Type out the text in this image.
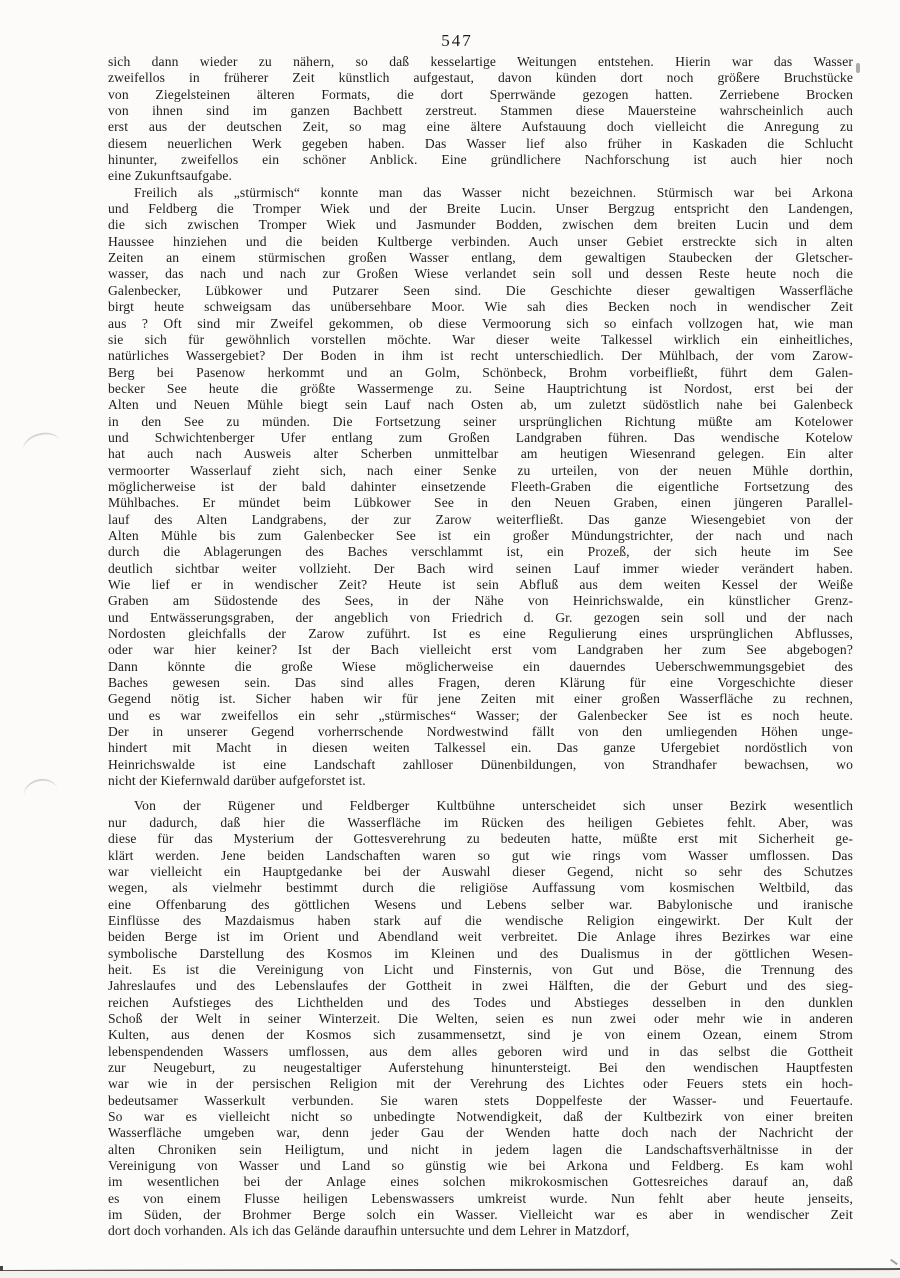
547
sich dann wieder zu nähern, so daß kesselartige Weitungen entstehen. Hierin war das Wasser
zweifellos in früherer Zeit künstlich aufgestaut, davon künden dort noch größere Bruchstücke
von Ziegelsteinen älteren Formats, die dort Sperrwände gezogen hatten. Zerriebene Brocken
von ihnen sind im ganzen Bachbett zerstreut. Stammen diese Mauersteine wahrscheinlich auch
erst aus der deutschen Zeit, so mag eine ältere Aufstauung doch vielleicht die Anregung zu
diesem neuerlichen Werk gegeben haben. Das Wasser lief also früher in Kaskaden die Schlucht
hinunter, zweifellos ein schöner Anblick. Eine gründlichere Nachforschung ist auch hier noch
eine Zukunftsaufgabe.
Freilich als „stürmisch“ konnte man das Wasser nicht bezeichnen. Stürmisch war bei Arkona
und Feldberg die Tromper Wiek und der Breite Lucin. Unser Bergzug entspricht den Landengen,
die sich zwischen Tromper Wiek und Jasmunder Bodden, zwischen dem breiten Lucin und dem
Haussee hinziehen und die beiden Kultberge verbinden. Auch unser Gebiet erstreckte sich in alten
Zeiten an einem stürmischen großen Wasser entlang, dem gewaltigen Staubecken der Gletscher-
wasser, das nach und nach zur Großen Wiese verlandet sein soll und dessen Reste heute noch die
Galenbecker, Lübkower und Putzarer Seen sind. Die Geschichte dieser gewaltigen Wasserfläche
birgt heute schweigsam das unübersehbare Moor. Wie sah dies Becken noch in wendischer Zeit
aus ? Oft sind mir Zweifel gekommen, ob diese Vermoorung sich so einfach vollzogen hat, wie man
sie sich für gewöhnlich vorstellen möchte. War dieser weite Talkessel wirklich ein einheitliches,
natürliches Wassergebiet? Der Boden in ihm ist recht unterschiedlich. Der Mühlbach, der vom Zarow-
Berg bei Pasenow herkommt und an Golm, Schönbeck, Brohm vorbeifließt, führt dem Galen-
becker See heute die größte Wassermenge zu. Seine Hauptrichtung ist Nordost, erst bei der
Alten und Neuen Mühle biegt sein Lauf nach Osten ab, um zuletzt südöstlich nahe bei Galenbeck
in den See zu münden. Die Fortsetzung seiner ursprünglichen Richtung müßte am Kotelower
und Schwichtenberger Ufer entlang zum Großen Landgraben führen. Das wendische Kotelow
hat auch nach Ausweis alter Scherben unmittelbar am heutigen Wiesenrand gelegen. Ein alter
vermoorter Wasserlauf zieht sich, nach einer Senke zu urteilen, von der neuen Mühle dorthin,
möglicherweise ist der bald dahinter einsetzende Fleeth-Graben die eigentliche Fortsetzung des
Mühlbaches. Er mündet beim Lübkower See in den Neuen Graben, einen jüngeren Parallel-
lauf des Alten Landgrabens, der zur Zarow weiterfließt. Das ganze Wiesengebiet von der
Alten Mühle bis zum Galenbecker See ist ein großer Mündungstrichter, der nach und nach
durch die Ablagerungen des Baches verschlammt ist, ein Prozeß, der sich heute im See
deutlich sichtbar weiter vollzieht. Der Bach wird seinen Lauf immer wieder verändert haben.
Wie lief er in wendischer Zeit? Heute ist sein Abfluß aus dem weiten Kessel der Weiße
Graben am Südostende des Sees, in der Nähe von Heinrichswalde, ein künstlicher Grenz-
und Entwässerungsgraben, der angeblich von Friedrich d. Gr. gezogen sein soll und der nach
Nordosten gleichfalls der Zarow zuführt. Ist es eine Regulierung eines ursprünglichen Abflusses,
oder war hier keiner? Ist der Bach vielleicht erst vom Landgraben her zum See abgebogen?
Dann könnte die große Wiese möglicherweise ein dauerndes Ueberschwemmungsgebiet des
Baches gewesen sein. Das sind alles Fragen, deren Klärung für eine Vorgeschichte dieser
Gegend nötig ist. Sicher haben wir für jene Zeiten mit einer großen Wasserfläche zu rechnen,
und es war zweifellos ein sehr „stürmisches“ Wasser; der Galenbecker See ist es noch heute.
Der in unserer Gegend vorherrschende Nordwestwind fällt von den umliegenden Höhen unge-
hindert mit Macht in diesen weiten Talkessel ein. Das ganze Ufergebiet nordöstlich von
Heinrichswalde ist eine Landschaft zahlloser Dünenbildungen, von Strandhafer bewachsen, wo
nicht der Kiefernwald darüber aufgeforstet ist.
Von der Rügener und Feldberger Kultbühne unterscheidet sich unser Bezirk wesentlich
nur dadurch, daß hier die Wasserfläche im Rücken des heiligen Gebietes fehlt. Aber, was
diese für das Mysterium der Gottesverehrung zu bedeuten hatte, müßte erst mit Sicherheit ge-
klärt werden. Jene beiden Landschaften waren so gut wie rings vom Wasser umflossen. Das
war vielleicht ein Hauptgedanke bei der Auswahl dieser Gegend, nicht so sehr des Schutzes
wegen, als vielmehr bestimmt durch die religiöse Auffassung vom kosmischen Weltbild, das
eine Offenbarung des göttlichen Wesens und Lebens selber war. Babylonische und iranische
Einflüsse des Mazdaismus haben stark auf die wendische Religion eingewirkt. Der Kult der
beiden Berge ist im Orient und Abendland weit verbreitet. Die Anlage ihres Bezirkes war eine
symbolische Darstellung des Kosmos im Kleinen und des Dualismus in der göttlichen Wesen-
heit. Es ist die Vereinigung von Licht und Finsternis, von Gut und Böse, die Trennung des
Jahreslaufes und des Lebenslaufes der Gottheit in zwei Hälften, die der Geburt und des sieg-
reichen Aufstieges des Lichthelden und des Todes und Abstieges desselben in den dunklen
Schoß der Welt in seiner Winterzeit. Die Welten, seien es nun zwei oder mehr wie in anderen
Kulten, aus denen der Kosmos sich zusammensetzt, sind je von einem Ozean, einem Strom
lebenspendenden Wassers umflossen, aus dem alles geboren wird und in das selbst die Gottheit
zur Neugeburt, zu neugestaltiger Auferstehung hinuntersteigt. Bei den wendischen Hauptfesten
war wie in der persischen Religion mit der Verehrung des Lichtes oder Feuers stets ein hoch-
bedeutsamer Wasserkult verbunden. Sie waren stets Doppelfeste der Wasser- und Feuertaufe.
So war es vielleicht nicht so unbedingte Notwendigkeit, daß der Kultbezirk von einer breiten
Wasserfläche umgeben war, denn jeder Gau der Wenden hatte doch nach der Nachricht der
alten Chroniken sein Heiligtum, und nicht in jedem lagen die Landschaftsverhältnisse in der
Vereinigung von Wasser und Land so günstig wie bei Arkona und Feldberg. Es kam wohl
im wesentlichen bei der Anlage eines solchen mikrokosmischen Gottesreiches darauf an, daß
es von einem Flusse heiligen Lebenswassers umkreist wurde. Nun fehlt aber heute jenseits,
im Süden, der Brohmer Berge solch ein Wasser. Vielleicht war es aber in wendischer Zeit
dort doch vorhanden. Als ich das Gelände daraufhin untersuchte und dem Lehrer in Matzdorf,
